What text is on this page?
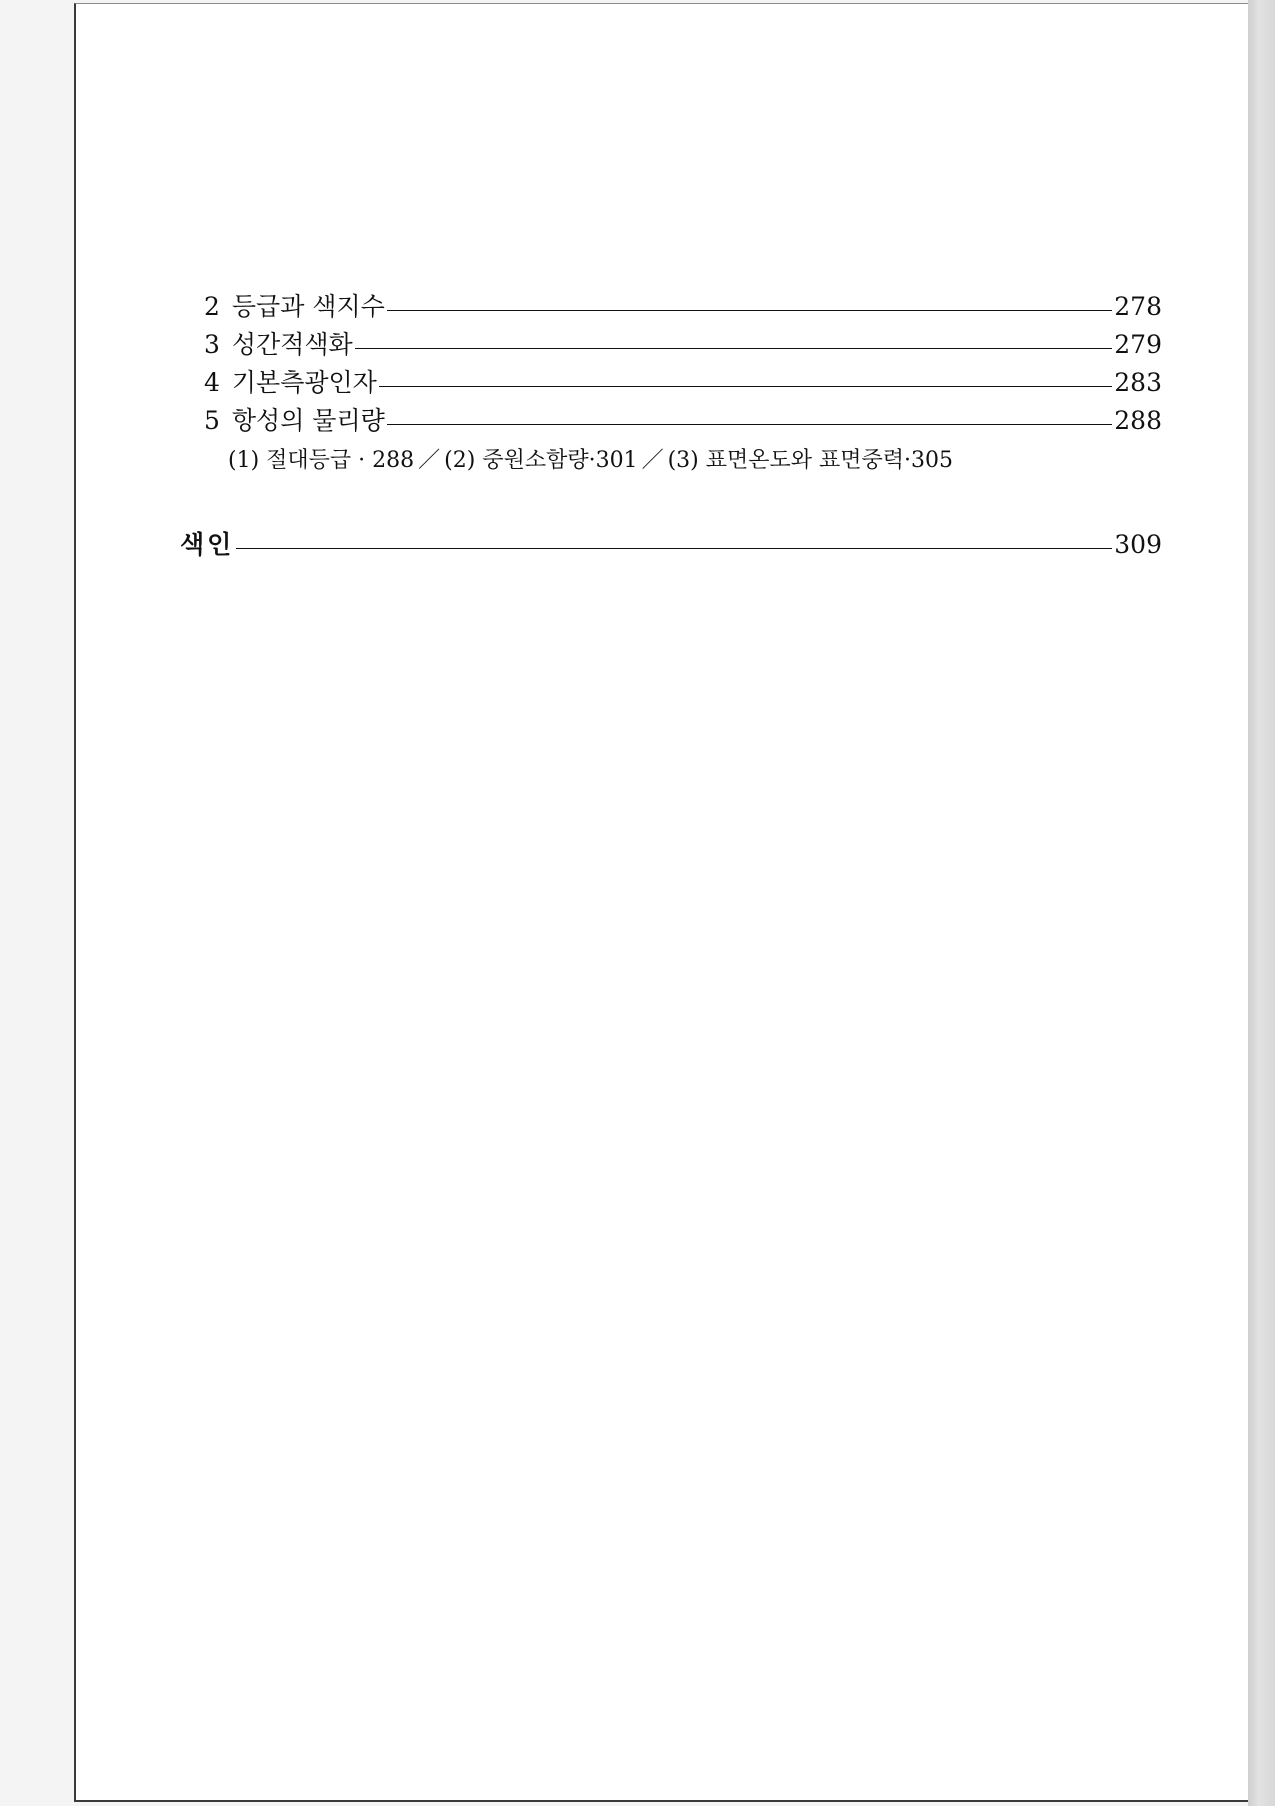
2 등급과 색지수	278
3 성간적색화	279
4 기본측광인자	283
5 항성의 물리량	288
(1) 절대등급 · 288 ／ (2) 중원소함량·301 ／ (3) 표면온도와 표면중력·305
색인	309
